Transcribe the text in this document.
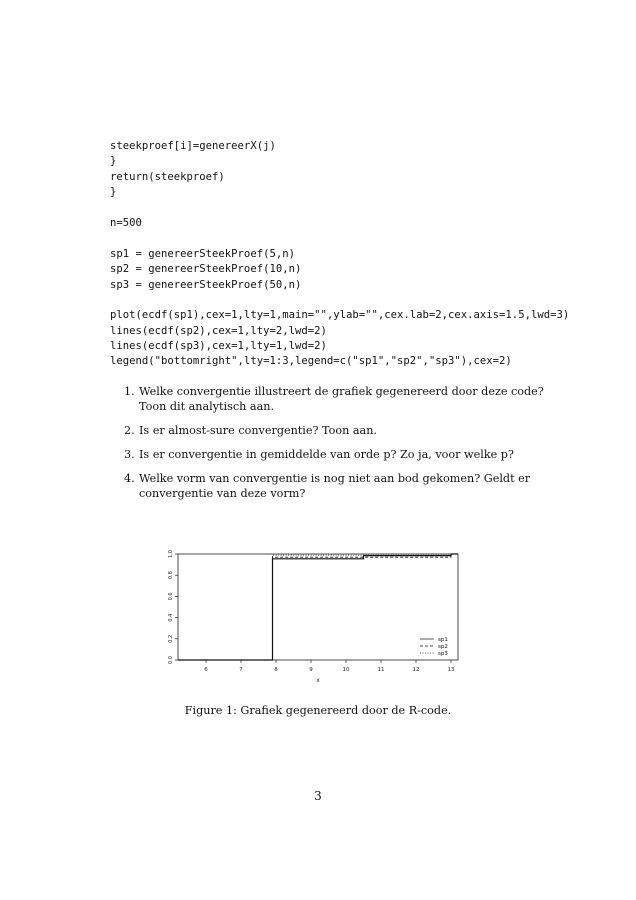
steekproef[i]=genereerX(j)
}
return(steekproef)
}
n=500
sp1 = genereerSteekProef(5,n)
sp2 = genereerSteekProef(10,n)
sp3 = genereerSteekProef(50,n)
plot(ecdf(sp1),cex=1,lty=1,main="",ylab="",cex.lab=2,cex.axis=1.5,lwd=3)
lines(ecdf(sp2),cex=1,lty=2,lwd=2)
lines(ecdf(sp3),cex=1,lty=1,lwd=2)
legend("bottomright",lty=1:3,legend=c("sp1","sp2","sp3"),cex=2)
1. Welke convergentie illustreert de grafiek gegenereerd door deze code? Toon dit analytisch aan.
2. Is er almost-sure convergentie? Toon aan.
3. Is er convergentie in gemiddelde van orde p? Zo ja, voor welke p?
4. Welke vorm van convergentie is nog niet aan bod gekomen? Geldt er convergentie van deze vorm?
0.0
0.2
0.4
0.6
0.8
1.0
6	7	8	9	10	11	12	13
x
sp1
sp2
sp3
Figure 1: Grafiek gegenereerd door de R-code.
3
